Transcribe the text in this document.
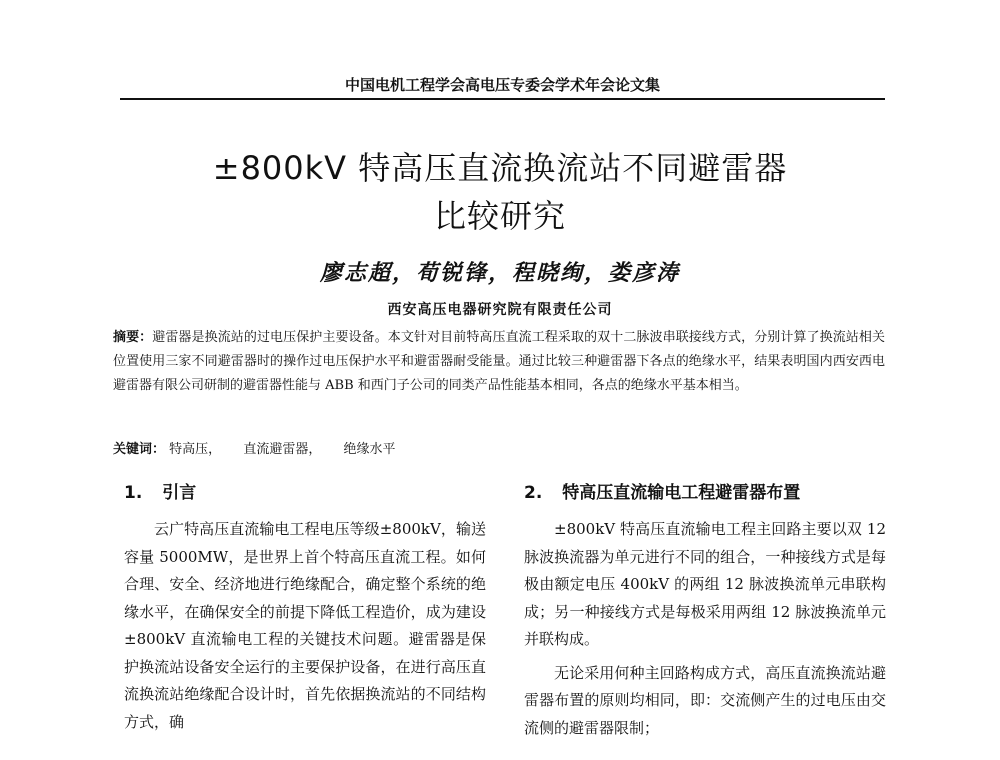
中国电机工程学会高电压专委会学术年会论文集
±800kV 特高压直流换流站不同避雷器
比较研究
廖志超，荀锐锋，程晓绚，娄彦涛
西安高压电器研究院有限责任公司
摘要：避雷器是换流站的过电压保护主要设备。本文针对目前特高压直流工程采取的双十二脉波串联接线方式，分别计算了换流站相关位置使用三家不同避雷器时的操作过电压保护水平和避雷器耐受能量。通过比较三种避雷器下各点的绝缘水平，结果表明国内西安西电避雷器有限公司研制的避雷器性能与 ABB 和西门子公司的同类产品性能基本相同，各点的绝缘水平基本相当。
关键词： 特高压， 直流避雷器， 绝缘水平
1. 引言

云广特高压直流输电工程电压等级±800kV，输送容量 5000MW，是世界上首个特高压直流工程。如何合理、安全、经济地进行绝缘配合，确定整个系统的绝缘水平，在确保安全的前提下降低工程造价，成为建设±800kV 直流输电工程的关键技术问题。避雷器是保护换流站设备安全运行的主要保护设备，在进行高压直流换流站绝缘配合设计时，首先依据换流站的不同结构方式，确

2. 特高压直流输电工程避雷器布置

±800kV 特高压直流输电工程主回路主要以双 12 脉波换流器为单元进行不同的组合，一种接线方式是每极由额定电压 400kV 的两组 12 脉波换流单元串联构成；另一种接线方式是每极采用两组 12 脉波换流单元并联构成。

无论采用何种主回路构成方式，高压直流换流站避雷器布置的原则均相同，即：交流侧产生的过电压由交流侧的避雷器限制；
